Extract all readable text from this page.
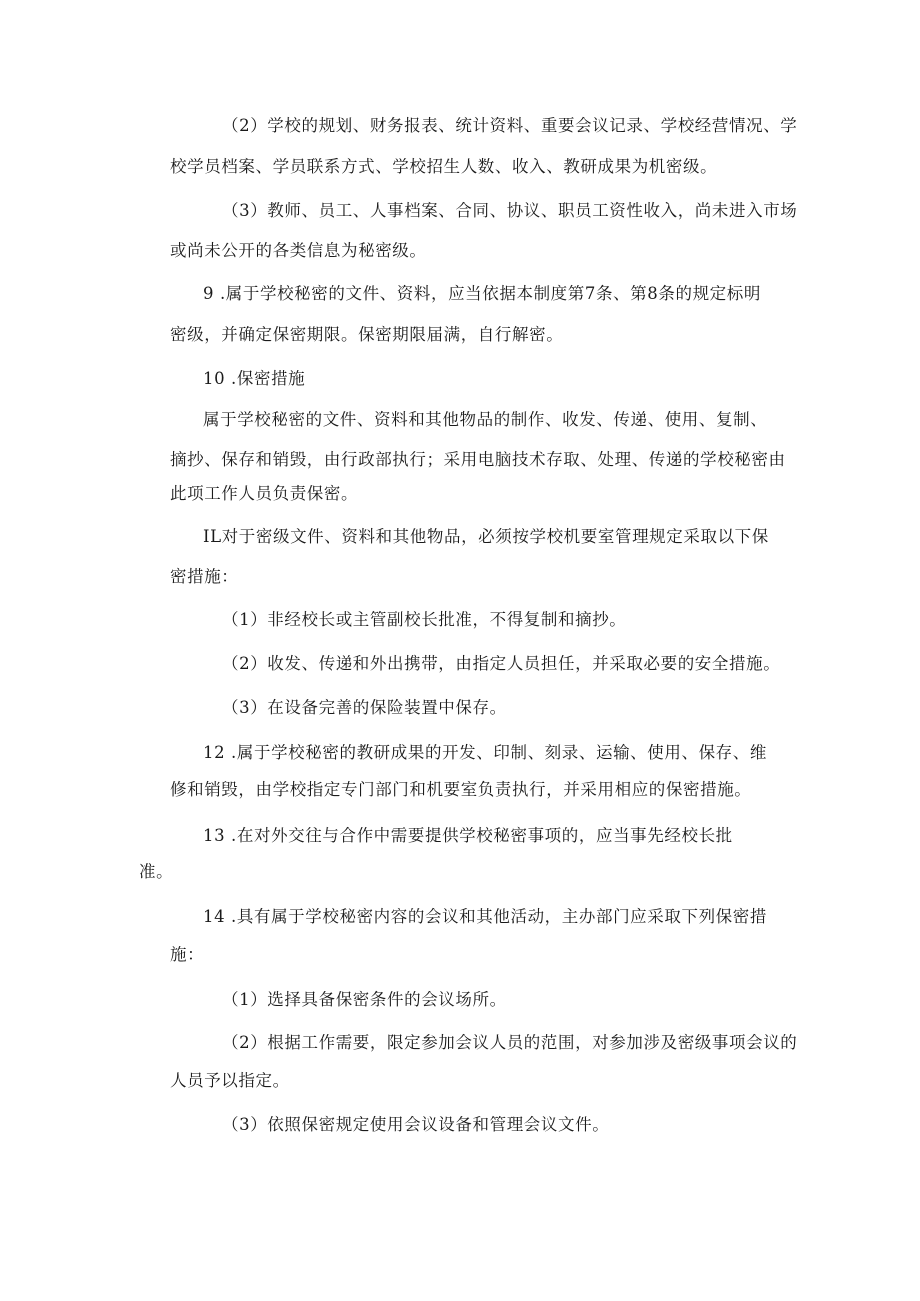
（2）学校的规划、财务报表、统计资料、重要会议记录、学校经营情况、学
校学员档案、学员联系方式、学校招生人数、收入、教研成果为机密级。
（3）教师、员工、人事档案、合同、协议、职员工资性收入，尚未进入市场
或尚未公开的各类信息为秘密级。
9 .属于学校秘密的文件、资料，应当依据本制度第7条、第8条的规定标明
密级，并确定保密期限。保密期限届满，自行解密。
10 .保密措施
属于学校秘密的文件、资料和其他物品的制作、收发、传递、使用、复制、
摘抄、保存和销毁，由行政部执行；采用电脑技术存取、处理、传递的学校秘密由
此项工作人员负责保密。
IL对于密级文件、资料和其他物品，必须按学校机要室管理规定采取以下保
密措施：
（1）非经校长或主管副校长批准，不得复制和摘抄。
（2）收发、传递和外出携带，由指定人员担任，并采取必要的安全措施。
（3）在设备完善的保险装置中保存。
12 .属于学校秘密的教研成果的开发、印制、刻录、运输、使用、保存、维
修和销毁，由学校指定专门部门和机要室负责执行，并采用相应的保密措施。
13 .在对外交往与合作中需要提供学校秘密事项的，应当事先经校长批
准。
14 .具有属于学校秘密内容的会议和其他活动，主办部门应采取下列保密措
施：
（1）选择具备保密条件的会议场所。
（2）根据工作需要，限定参加会议人员的范围，对参加涉及密级事项会议的
人员予以指定。
（3）依照保密规定使用会议设备和管理会议文件。
